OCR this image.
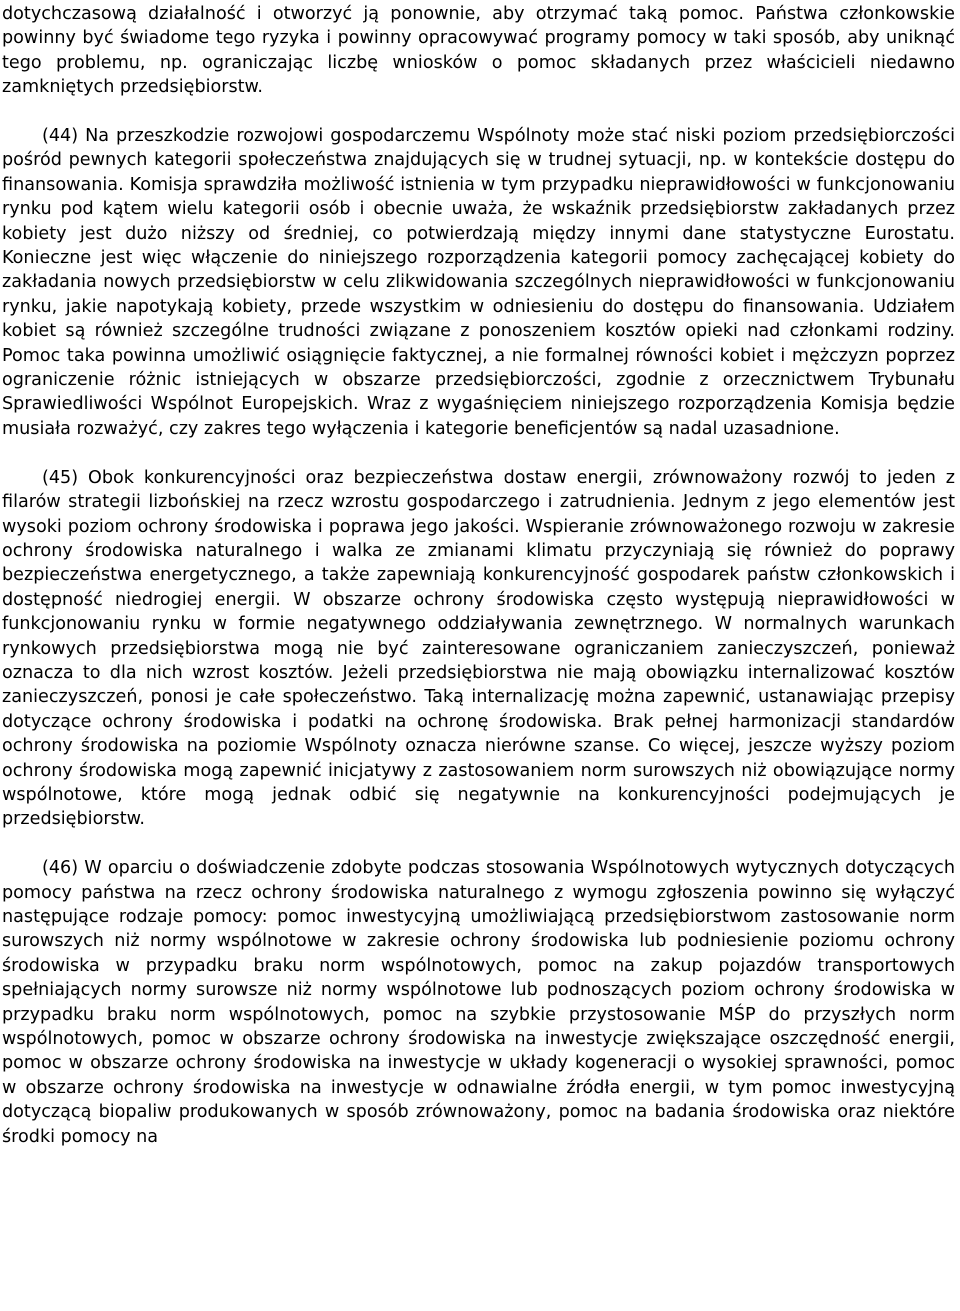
dotychczasową działalność i otworzyć ją ponownie, aby otrzymać taką pomoc. Państwa członkowskie powinny być świadome tego ryzyka i powinny opracowywać programy pomocy w taki sposób, aby uniknąć tego problemu, np. ograniczając liczbę wniosków o pomoc składanych przez właścicieli niedawno zamkniętych przedsiębiorstw.

(44) Na przeszkodzie rozwojowi gospodarczemu Wspólnoty może stać niski poziom przedsiębiorczości pośród pewnych kategorii społeczeństwa znajdujących się w trudnej sytuacji, np. w kontekście dostępu do finansowania. Komisja sprawdziła możliwość istnienia w tym przypadku nieprawidłowości w funkcjonowaniu rynku pod kątem wielu kategorii osób i obecnie uważa, że wskaźnik przedsiębiorstw zakładanych przez kobiety jest dużo niższy od średniej, co potwierdzają między innymi dane statystyczne Eurostatu. Konieczne jest więc włączenie do niniejszego rozporządzenia kategorii pomocy zachęcającej kobiety do zakładania nowych przedsiębiorstw w celu zlikwidowania szczególnych nieprawidłowości w funkcjonowaniu rynku, jakie napotykają kobiety, przede wszystkim w odniesieniu do dostępu do finansowania. Udziałem kobiet są również szczególne trudności związane z ponoszeniem kosztów opieki nad członkami rodziny. Pomoc taka powinna umożliwić osiągnięcie faktycznej, a nie formalnej równości kobiet i mężczyzn poprzez ograniczenie różnic istniejących w obszarze przedsiębiorczości, zgodnie z orzecznictwem Trybunału Sprawiedliwości Wspólnot Europejskich. Wraz z wygaśnięciem niniejszego rozporządzenia Komisja będzie musiała rozważyć, czy zakres tego wyłączenia i kategorie beneficjentów są nadal uzasadnione.

(45) Obok konkurencyjności oraz bezpieczeństwa dostaw energii, zrównoważony rozwój to jeden z filarów strategii lizbońskiej na rzecz wzrostu gospodarczego i zatrudnienia. Jednym z jego elementów jest wysoki poziom ochrony środowiska i poprawa jego jakości. Wspieranie zrównoważonego rozwoju w zakresie ochrony środowiska naturalnego i walka ze zmianami klimatu przyczyniają się również do poprawy bezpieczeństwa energetycznego, a także zapewniają konkurencyjność gospodarek państw członkowskich i dostępność niedrogiej energii. W obszarze ochrony środowiska często występują nieprawidłowości w funkcjonowaniu rynku w formie negatywnego oddziaływania zewnętrznego. W normalnych warunkach rynkowych przedsiębiorstwa mogą nie być zainteresowane ograniczaniem zanieczyszczeń, ponieważ oznacza to dla nich wzrost kosztów. Jeżeli przedsiębiorstwa nie mają obowiązku internalizować kosztów zanieczyszczeń, ponosi je całe społeczeństwo. Taką internalizację można zapewnić, ustanawiając przepisy dotyczące ochrony środowiska i podatki na ochronę środowiska. Brak pełnej harmonizacji standardów ochrony środowiska na poziomie Wspólnoty oznacza nierówne szanse. Co więcej, jeszcze wyższy poziom ochrony środowiska mogą zapewnić inicjatywy z zastosowaniem norm surowszych niż obowiązujące normy wspólnotowe, które mogą jednak odbić się negatywnie na konkurencyjności podejmujących je przedsiębiorstw.

(46) W oparciu o doświadczenie zdobyte podczas stosowania Wspólnotowych wytycznych dotyczących pomocy państwa na rzecz ochrony środowiska naturalnego z wymogu zgłoszenia powinno się wyłączyć następujące rodzaje pomocy: pomoc inwestycyjną umożliwiającą przedsiębiorstwom zastosowanie norm surowszych niż normy wspólnotowe w zakresie ochrony środowiska lub podniesienie poziomu ochrony środowiska w przypadku braku norm wspólnotowych, pomoc na zakup pojazdów transportowych spełniających normy surowsze niż normy wspólnotowe lub podnoszących poziom ochrony środowiska w przypadku braku norm wspólnotowych, pomoc na szybkie przystosowanie MŚP do przyszłych norm wspólnotowych, pomoc w obszarze ochrony środowiska na inwestycje zwiększające oszczędność energii, pomoc w obszarze ochrony środowiska na inwestycje w układy kogeneracji o wysokiej sprawności, pomoc w obszarze ochrony środowiska na inwestycje w odnawialne źródła energii, w tym pomoc inwestycyjną dotyczącą biopaliw produkowanych w sposób zrównoważony, pomoc na badania środowiska oraz niektóre środki pomocy na
